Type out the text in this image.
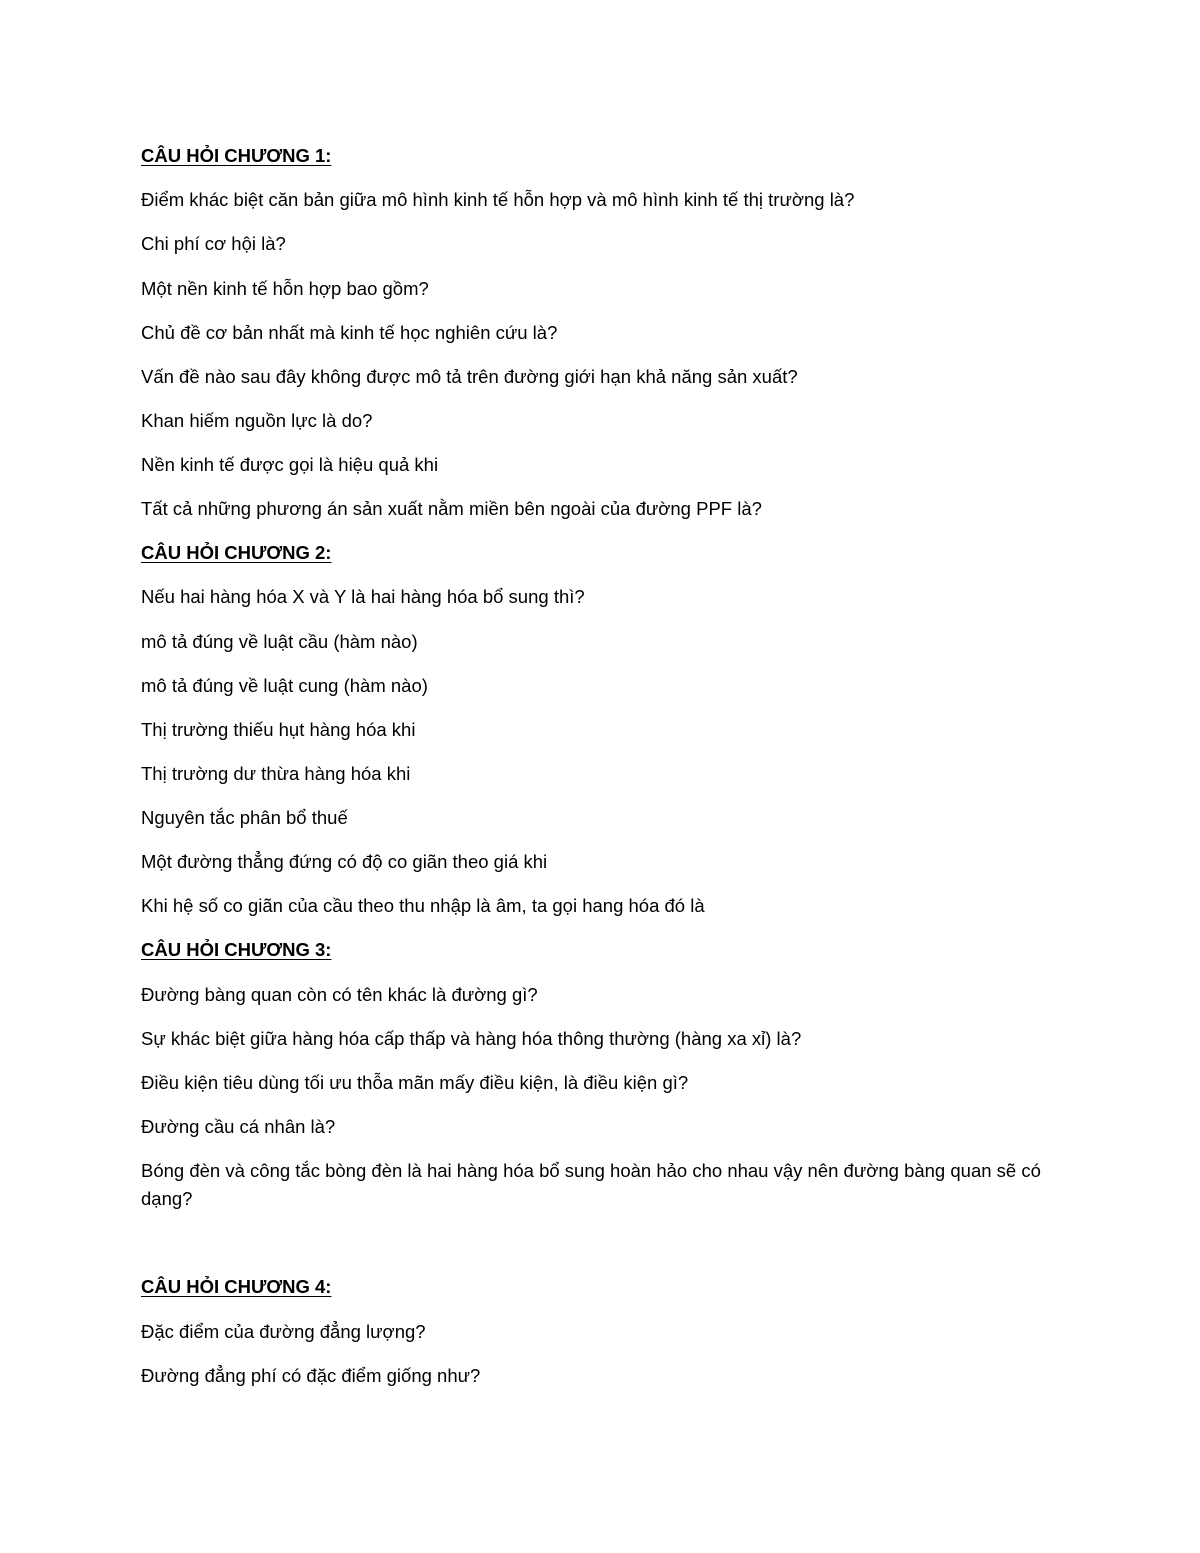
CÂU HỎI CHƯƠNG 1:
Điểm khác biệt căn bản giữa mô hình kinh tế hỗn hợp và mô hình kinh tế thị trường là?
Chi phí cơ hội là?
Một nền kinh tế hỗn hợp bao gồm?
Chủ đề cơ bản nhất mà kinh tế học nghiên cứu là?
Vấn đề nào sau đây không được mô tả trên đường giới hạn khả năng sản xuất?
Khan hiếm nguồn lực là do?
Nền kinh tế được gọi là hiệu quả khi
Tất cả những phương án sản xuất nằm miền bên ngoài của đường PPF là?
CÂU HỎI CHƯƠNG 2:
Nếu hai hàng hóa X và Y là hai hàng hóa bổ sung thì?
mô tả đúng về luật cầu (hàm nào)
mô tả đúng về luật cung (hàm nào)
Thị trường thiếu hụt hàng hóa khi
Thị trường dư thừa hàng hóa khi
Nguyên tắc phân bổ thuế
Một đường thẳng đứng có độ co giãn theo giá khi
Khi hệ số co giãn của cầu theo thu nhập là âm, ta gọi hang hóa đó là
CÂU HỎI CHƯƠNG 3:
Đường bàng quan còn có tên khác là đường gì?
Sự khác biệt giữa hàng hóa cấp thấp và hàng hóa thông thường (hàng xa xỉ) là?
Điều kiện tiêu dùng tối ưu thỗa mãn mấy điều kiện, là điều kiện gì?
Đường cầu cá nhân là?
Bóng đèn và công tắc bòng đèn là hai hàng hóa bổ sung hoàn hảo cho nhau vậy nên đường bàng quan sẽ có dạng?
CÂU HỎI CHƯƠNG 4:
Đặc điểm của đường đẳng lượng?
Đường đẳng phí có đặc điểm giống như?
